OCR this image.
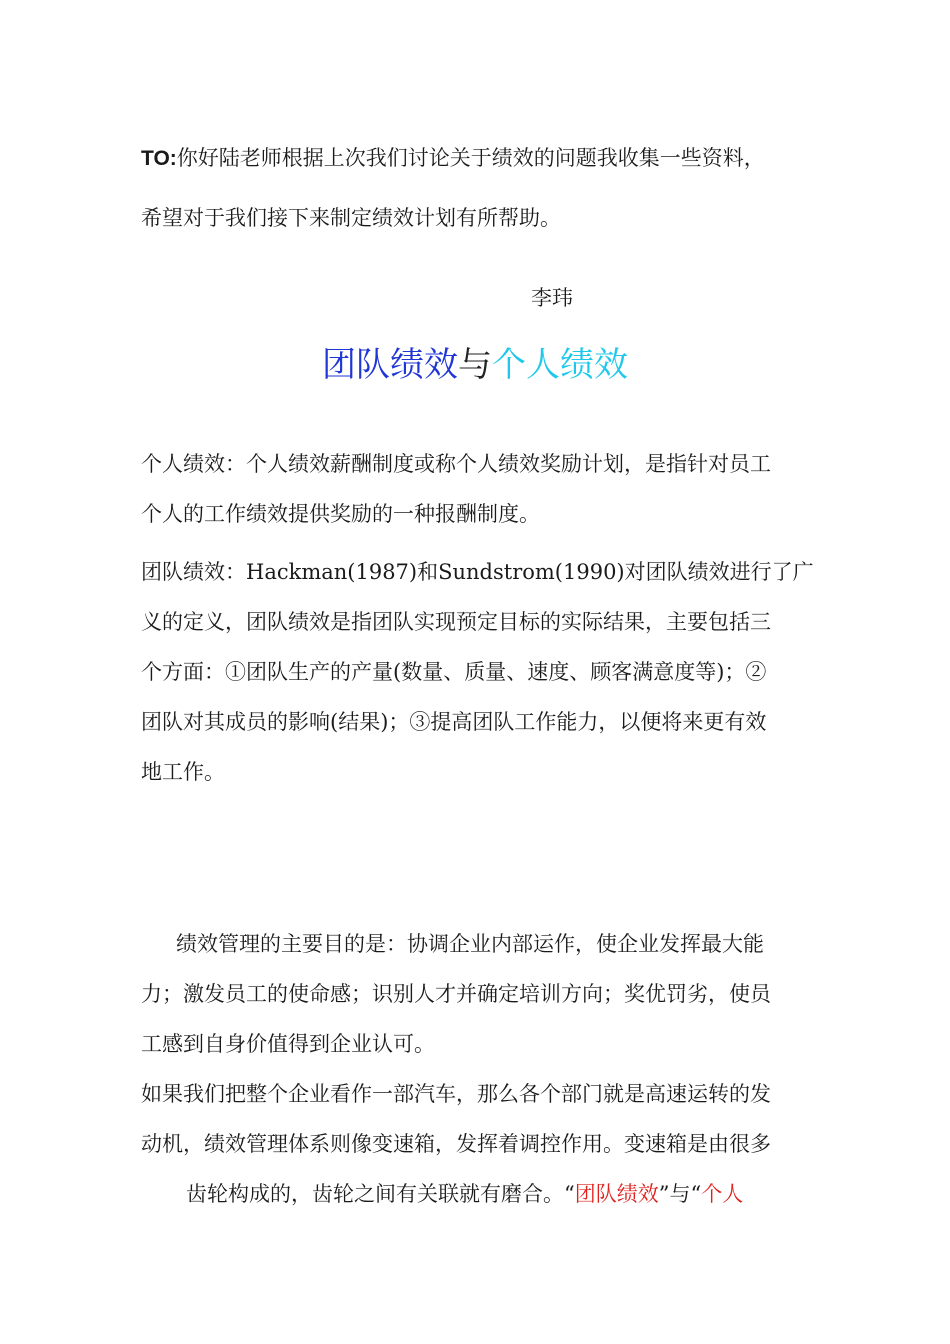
TO:你好陆老师根据上次我们讨论关于绩效的问题我收集一些资料，
希望对于我们接下来制定绩效计划有所帮助。
李玮
团队绩效与个人绩效
个人绩效：个人绩效薪酬制度或称个人绩效奖励计划，是指针对员工
个人的工作绩效提供奖励的一种报酬制度。
团队绩效：Hackman(1987)和Sundstrom(1990)对团队绩效进行了广
义的定义，团队绩效是指团队实现预定目标的实际结果，主要包括三
个方面：①团队生产的产量(数量、质量、速度、顾客满意度等)；②
团队对其成员的影响(结果)；③提高团队工作能力，以便将来更有效
地工作。
绩效管理的主要目的是：协调企业内部运作，使企业发挥最大能
力；激发员工的使命感；识别人才并确定培训方向；奖优罚劣，使员
工感到自身价值得到企业认可。
如果我们把整个企业看作一部汽车，那么各个部门就是高速运转的发
动机，绩效管理体系则像变速箱，发挥着调控作用。变速箱是由很多
齿轮构成的，齿轮之间有关联就有磨合。“团队绩效”与“个人
